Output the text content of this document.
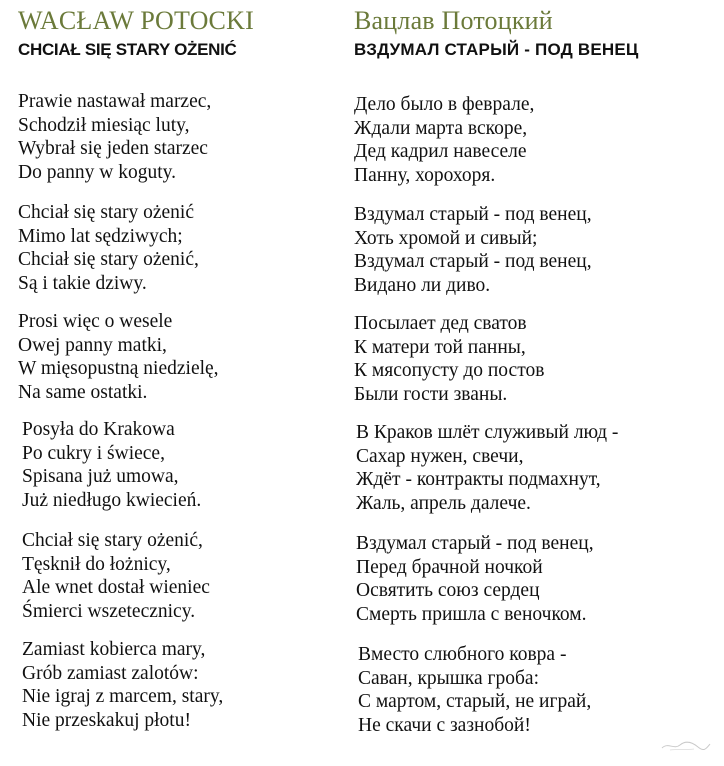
WACŁAW POTOCKI
CHCIAŁ SIĘ STARY OŻENIĆ
Prawie nastawał marzec,
Schodził miesiąc luty,
Wybrał się jeden starzec
Do panny w koguty.
Chciał się stary ożenić
Mimo lat sędziwych;
Chciał się stary ożenić,
Są i takie dziwy.
Prosi więc o wesele
Owej panny matki,
W mięsopustną niedzielę,
Na same ostatki.
Posyła do Krakowa
Po cukry i świece,
Spisana już umowa,
Już niedługo kwiecień.
Chciał się stary ożenić,
Tęsknił do łożnicy,
Ale wnet dostał wieniec
Śmierci wszetecznicy.
Zamiast kobierca mary,
Grób zamiast zalotów:
Nie igraj z marcem, stary,
Nie przeskakuj płotu!
Вацлав Потоцкий
ВЗДУМАЛ СТАРЫЙ - ПОД ВЕНЕЦ
Дело было в феврале,
Ждали марта вскоре,
Дед кадрил навеселе
Панну, хорохоря.
Вздумал старый - под венец,
Хоть хромой и сивый;
Вздумал старый - под венец,
Видано ли диво.
Посылает дед сватов
К матери той панны,
К мясопусту до постов
Были гости званы.
В Краков шлёт служивый люд -
Сахар нужен, свечи,
Ждёт - контракты подмахнут,
Жаль, апрель далече.
Вздумал старый - под венец,
Перед брачной ночкой
Освятить союз сердец
Смерть пришла с веночком.
Вместо слюбного ковра -
Саван, крышка гроба:
С мартом, старый, не играй,
Не скачи с зазнобой!
